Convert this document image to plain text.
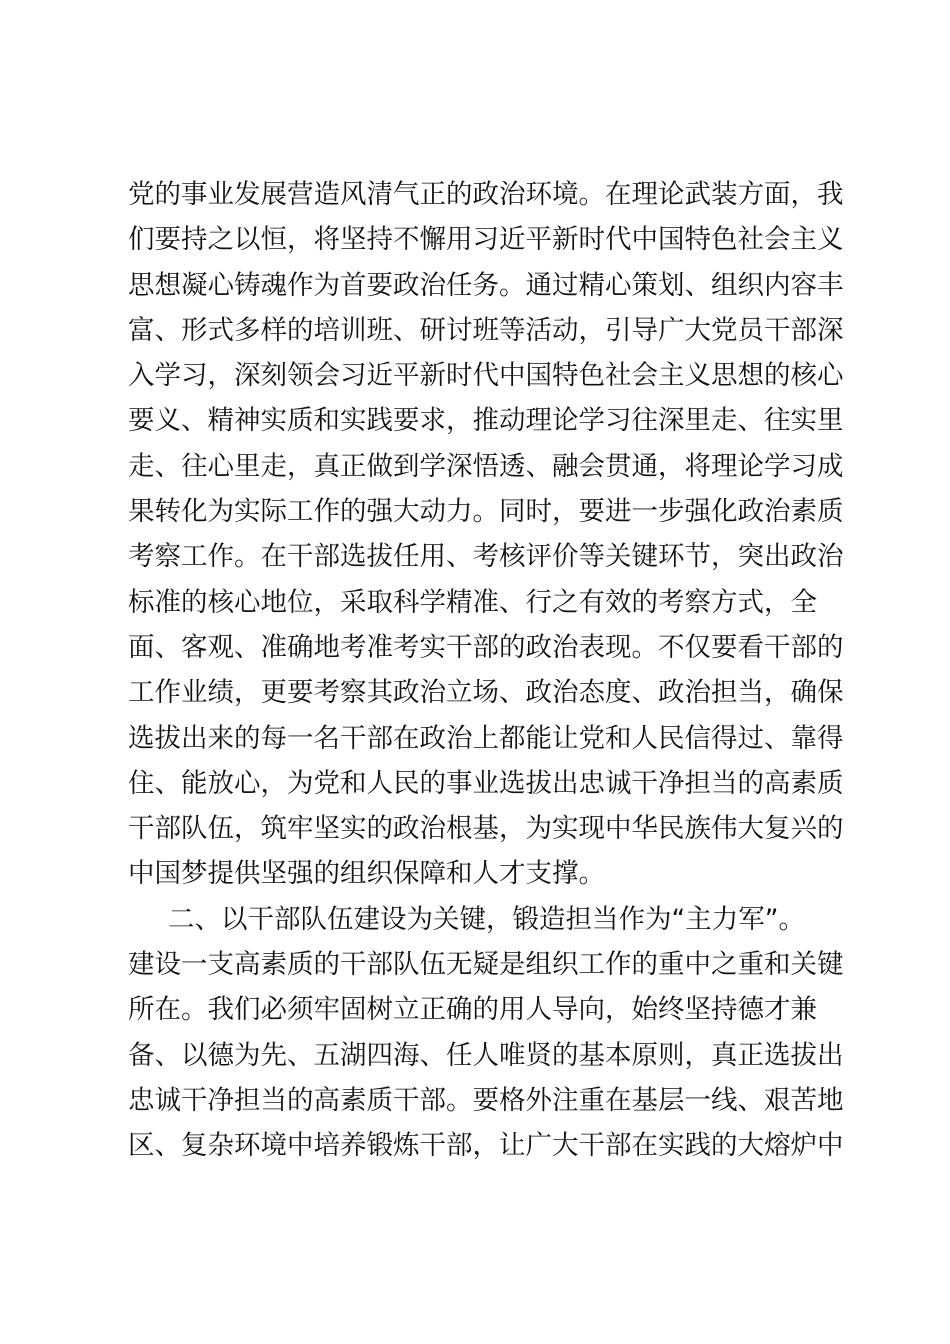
党的事业发展营造风清气正的政治环境。在理论武装方面，我
们要持之以恒，将坚持不懈用习近平新时代中国特色社会主义
思想凝心铸魂作为首要政治任务。通过精心策划、组织内容丰
富、形式多样的培训班、研讨班等活动，引导广大党员干部深
入学习，深刻领会习近平新时代中国特色社会主义思想的核心
要义、精神实质和实践要求，推动理论学习往深里走、往实里
走、往心里走，真正做到学深悟透、融会贯通，将理论学习成
果转化为实际工作的强大动力。同时，要进一步强化政治素质
考察工作。在干部选拔任用、考核评价等关键环节，突出政治
标准的核心地位，采取科学精准、行之有效的考察方式，全
面、客观、准确地考准考实干部的政治表现。不仅要看干部的
工作业绩，更要考察其政治立场、政治态度、政治担当，确保
选拔出来的每一名干部在政治上都能让党和人民信得过、靠得
住、能放心，为党和人民的事业选拔出忠诚干净担当的高素质
干部队伍，筑牢坚实的政治根基，为实现中华民族伟大复兴的
中国梦提供坚强的组织保障和人才支撑。
二、以干部队伍建设为关键，锻造担当作为“主力军”。
建设一支高素质的干部队伍无疑是组织工作的重中之重和关键
所在。我们必须牢固树立正确的用人导向，始终坚持德才兼
备、以德为先、五湖四海、任人唯贤的基本原则，真正选拔出
忠诚干净担当的高素质干部。要格外注重在基层一线、艰苦地
区、复杂环境中培养锻炼干部，让广大干部在实践的大熔炉中
